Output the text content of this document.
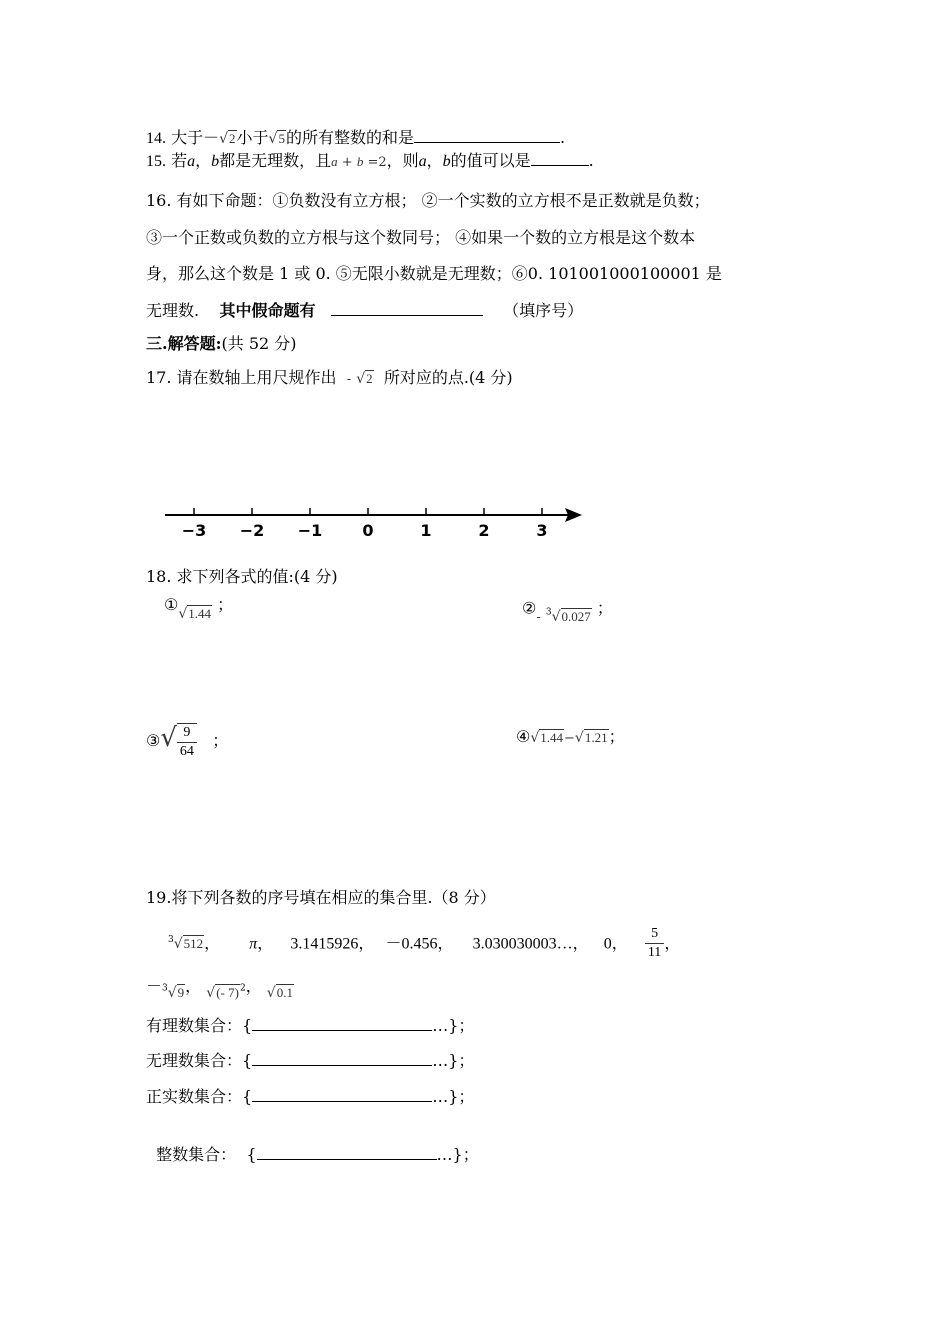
14. 大于－√2小于√5的所有整数的和是	.
15. 若a，b都是无理数，且a + b =2，则a，b的值可以是	.
16. 有如下命题：①负数没有立方根； ②一个实数的立方根不是正数就是负数；
③一个正数或负数的立方根与这个数同号； ④如果一个数的立方根是这个数本
身，那么这个数是 1 或 0. ⑤无限小数就是无理数；⑥0. 101001000100001 是
无理数. 其中假命题有	（填序号）
三.解答题:(共 52 分)
17. 请在数轴上用尺规作出 - √2 所对应的点.(4 分)
−3 −2 −1	0	1	2	3
18. 求下列各式的值:(4 分)
①√1.44 ；	②- $^3$√0.027 ；
③√ $\frac{9}{64}$ ；	④√1.44−√1.21；
19.将下列各数的序号填在相应的集合里.（8 分）
$^3$√512， π， 3.1415926， －0.456， 3.030030003…， 0， $\frac{5}{11}$ ，
－$^3$√9， √(- 7)$^2$， √0.1
有理数集合：{	…}；
无理数集合：{	…}；
正实数集合：{	…}；

整数集合：  {	…}；
